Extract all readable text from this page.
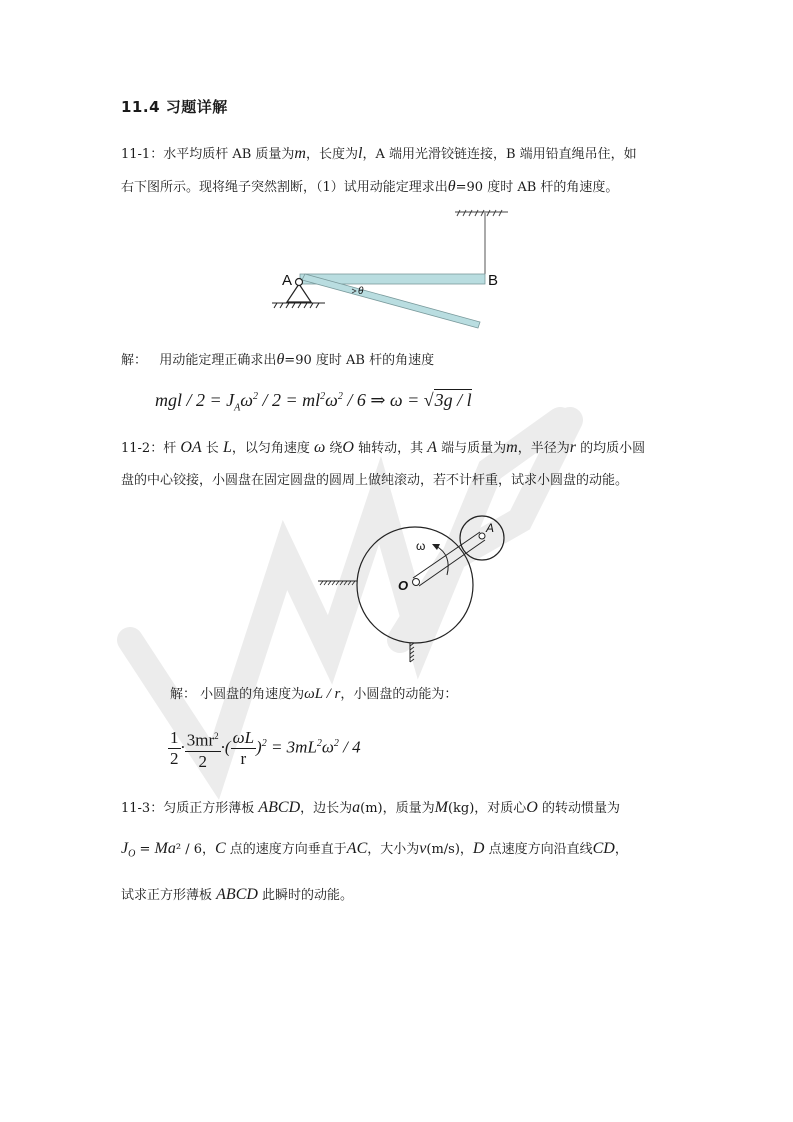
11.4 习题详解
11-1：水平均质杆 AB 质量为m，长度为l，A 端用光滑铰链连接，B 端用铅直绳吊住，如
右下图所示。现将绳子突然割断，（1）试用动能定理求出θ=90 度时 AB 杆的角速度。
A	B
θ
解： 用动能定理正确求出θ=90 度时 AB 杆的角速度
mgl / $2 = J_A\omega^2 / 2 = ml^2\omega^2 / 6$ ⇒ ω = √3g / l
11-2：杆 OA 长 L，以匀角速度 ω 绕O 轴转动，其 A 端与质量为m，半径为r 的均质小圆
盘的中心铰接，小圆盘在固定圆盘的圆周上做纯滚动，若不计杆重，试求小圆盘的动能。
ω
O
A
解： 小圆盘的角速度为ωL / r，小圆盘的动能为：
$\frac{1}{2} \cdot \frac{3mr^2}{2}$ ·( $\frac{\omega L}{r} )^2 = 3mL^2\omega^2 / 4$
11-3：匀质正方形薄板 ABCD，边长为a(m)，质量为M(kg)，对质心O 的转动惯量为
$J_O = Ma^2 / 6$，C 点的速度方向垂直于AC，大小为v(m/s)，D 点速度方向沿直线CD，
试求正方形薄板 ABCD 此瞬时的动能。
